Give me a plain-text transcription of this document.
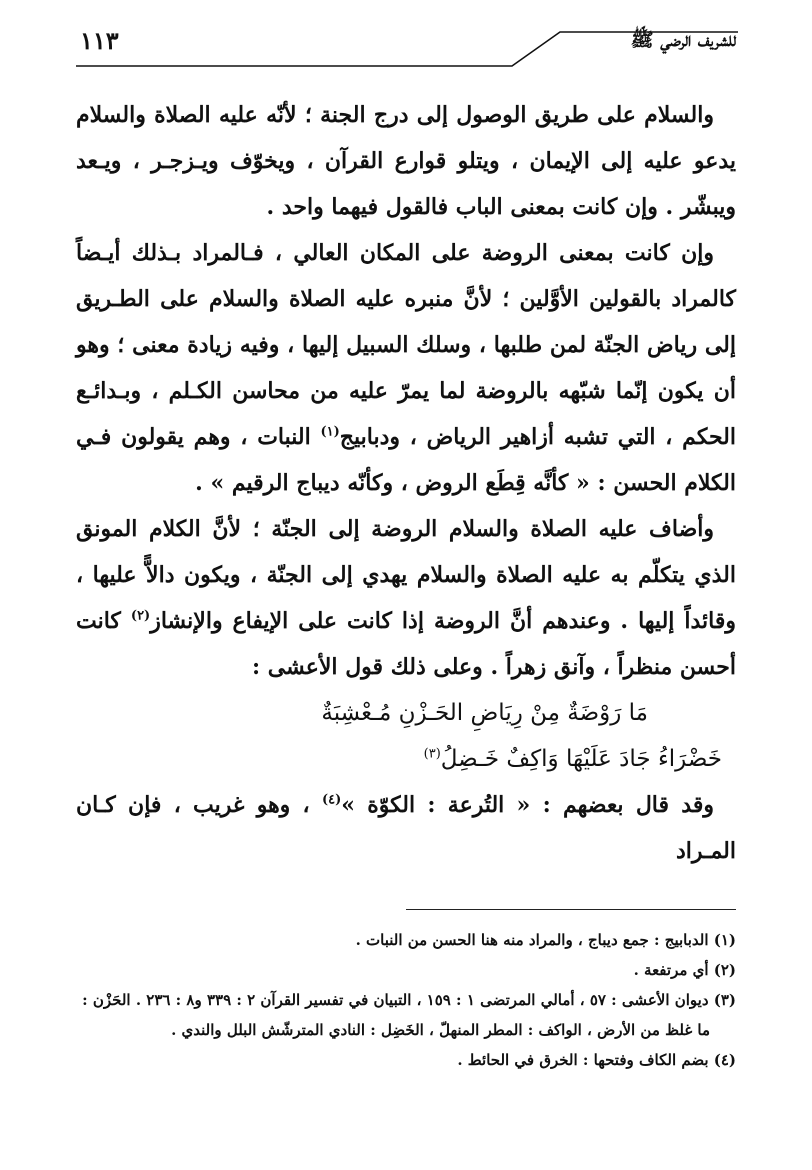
للشريف الرضي ﷺ
١١٣

والسلام على طريق الوصول إلى درج الجنة ؛ لأنّه عليه الصلاة والسلام يدعو عليه إلى الإيمان ، ويتلو قوارع القرآن ، ويخوّف ويـزجـر ، ويـعد ويبشّر . وإن كانت بمعنى الباب فالقول فيهما واحد .

وإن كانت بمعنى الروضة على المكان العالي ، فـالمراد بـذلك أيـضاً كالمراد بالقولين الأوَّلين ؛ لأنَّ منبره عليه الصلاة والسلام على الطـريق إلى رياض الجنّة لمن طلبها ، وسلك السبيل إليها ، وفيه زيادة معنى ؛ وهو أن يكون إنّما شبّهه بالروضة لما يمرّ عليه من محاسن الكـلم ، وبـدائـع الحكم ، التي تشبه أزاهير الرياض ، ودبابيج$^{(١)}$ النبات ، وهم يقولون فـي الكلام الحسن : « كأنَّه قِطَع الروض ، وكأنّه ديباج الرقيم » .

وأضاف عليه الصلاة والسلام الروضة إلى الجنّة ؛ لأنَّ الكلام المونق الذي يتكلّم به عليه الصلاة والسلام يهدي إلى الجنّة ، ويكون دالاًّ عليها ، وقائداً إليها . وعندهم أنَّ الروضة إذا كانت على الإيفاع والإنشاز$^{(٢)}$ كانت أحسن منظراً ، وآنق زهراً . وعلى ذلك قول الأعشى :

مَا رَوْضَةٌ مِنْ رِيَاضِ الحَـزْنِ مُـعْشِبَةٌ

خَضْرَاءُ جَادَ عَلَيْهَا وَاكِفٌ خَـضِلُ$^{(٣)}$

وقد قال بعضهم : « التُرعة : الكوّة »$^{(٤)}$ ، وهو غريب ، فإن كـان المـراد

(١) الدبابيج : جمع ديباج ، والمراد منه هنا الحسن من النبات .

(٢) أي مرتفعة .

(٣) ديوان الأعشى : ٥٧ ، أمالي المرتضى ١ : ١٥٩ ، التبيان في تفسير القرآن ٢ : ٣٣٩ و٨ : ٢٣٦ . الحَزْن :

ما غلظ من الأرض ، الواكف : المطر المنهلّ ، الخَضِل : النادي المترشّش البلل والندي .

(٤) بضم الكاف وفتحها : الخرق في الحائط .
